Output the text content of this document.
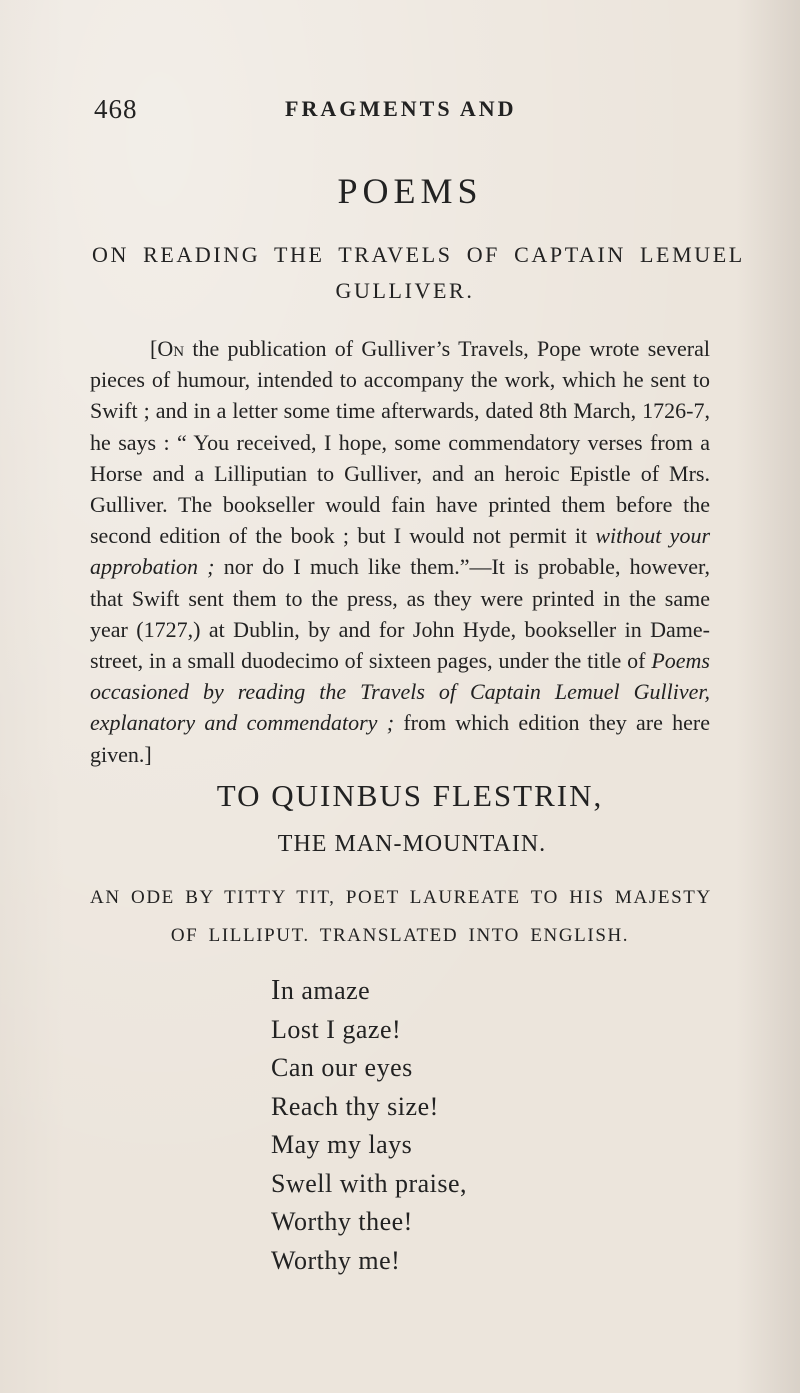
468	FRAGMENTS AND
POEMS
ON READING THE TRAVELS OF CAPTAIN LEMUEL
GULLIVER.

[On the publication of Gulliver’s Travels, Pope wrote several pieces of humour, intended to accompany the work, which he sent to Swift ; and in a letter some time afterwards, dated 8th March, 1726-7, he says : “ You received, I hope, some commendatory verses from a Horse and a Lilliputian to Gulliver, and an heroic Epistle of Mrs. Gulliver. The bookseller would fain have printed them before the second edition of the book ; but I would not permit it without your approbation ; nor do I much like them.”—It is probable, however, that Swift sent them to the press, as they were printed in the same year (1727,) at Dublin, by and for John Hyde, bookseller in Dame-street, in a small duodecimo of sixteen pages, under the title of Poems occasioned by reading the Travels of Captain Lemuel Gulliver, explanatory and commendatory ; from which edition they are here given.]

TO QUINBUS FLESTRIN,
THE MAN-MOUNTAIN.
AN ODE BY TITTY TIT, POET LAUREATE TO HIS MAJESTY
OF LILLIPUT. TRANSLATED INTO ENGLISH.
In amaze
Lost I gaze!
Can our eyes
Reach thy size!
May my lays
Swell with praise,
Worthy thee!
Worthy me!
